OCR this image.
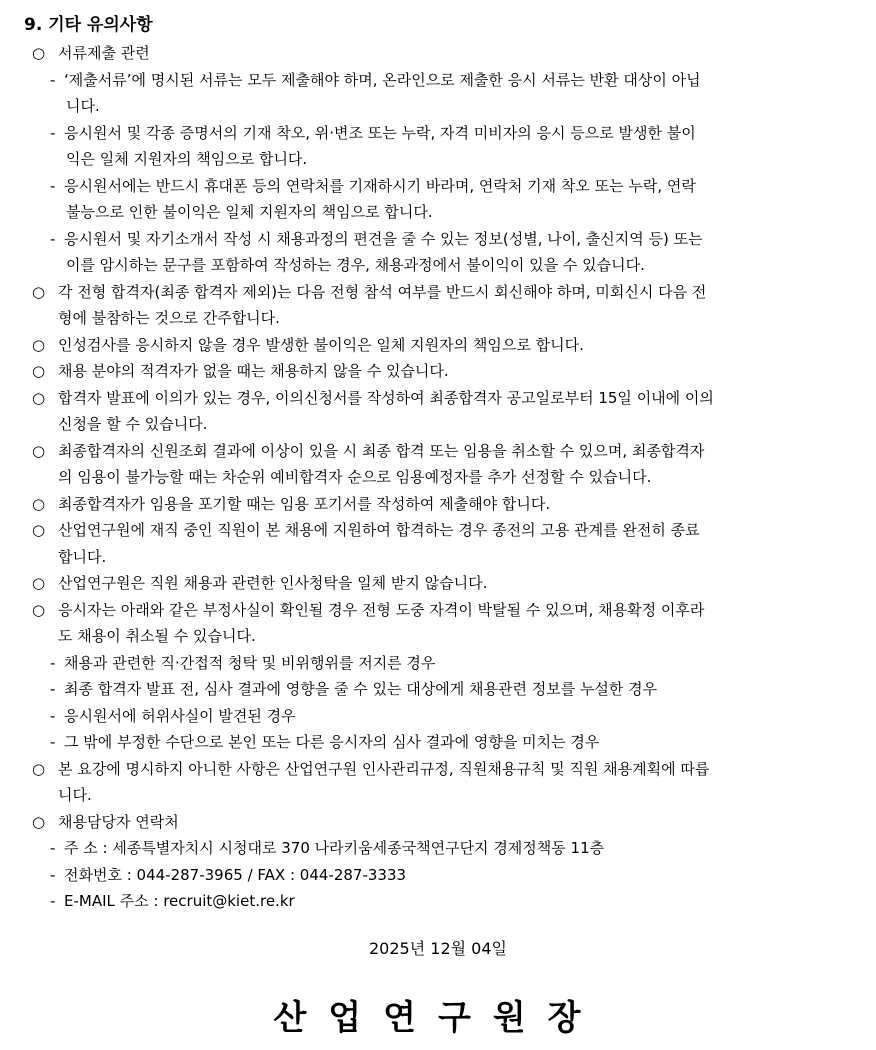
9. 기타 유의사항
○ 서류제출 관련
- ‘제출서류’에 명시된 서류는 모두 제출해야 하며, 온라인으로 제출한 응시 서류는 반환 대상이 아닙
니다.
- 응시원서 및 각종 증명서의 기재 착오, 위·변조 또는 누락, 자격 미비자의 응시 등으로 발생한 불이
익은 일체 지원자의 책임으로 합니다.
- 응시원서에는 반드시 휴대폰 등의 연락처를 기재하시기 바라며, 연락처 기재 착오 또는 누락, 연락
불능으로 인한 불이익은 일체 지원자의 책임으로 합니다.
- 응시원서 및 자기소개서 작성 시 채용과정의 편견을 줄 수 있는 정보(성별, 나이, 출신지역 등) 또는
이를 암시하는 문구를 포함하여 작성하는 경우, 채용과정에서 불이익이 있을 수 있습니다.
○ 각 전형 합격자(최종 합격자 제외)는 다음 전형 참석 여부를 반드시 회신해야 하며, 미회신시 다음 전
형에 불참하는 것으로 간주합니다.
○ 인성검사를 응시하지 않을 경우 발생한 불이익은 일체 지원자의 책임으로 합니다.
○ 채용 분야의 적격자가 없을 때는 채용하지 않을 수 있습니다.
○ 합격자 발표에 이의가 있는 경우, 이의신청서를 작성하여 최종합격자 공고일로부터 15일 이내에 이의
신청을 할 수 있습니다.
○ 최종합격자의 신원조회 결과에 이상이 있을 시 최종 합격 또는 임용을 취소할 수 있으며, 최종합격자
의 임용이 불가능할 때는 차순위 예비합격자 순으로 임용예정자를 추가 선정할 수 있습니다.
○ 최종합격자가 임용을 포기할 때는 임용 포기서를 작성하여 제출해야 합니다.
○ 산업연구원에 재직 중인 직원이 본 채용에 지원하여 합격하는 경우 종전의 고용 관계를 완전히 종료
합니다.
○ 산업연구원은 직원 채용과 관련한 인사청탁을 일체 받지 않습니다.
○ 응시자는 아래와 같은 부정사실이 확인될 경우 전형 도중 자격이 박탈될 수 있으며, 채용확정 이후라
도 채용이 취소될 수 있습니다.
- 채용과 관련한 직·간접적 청탁 및 비위행위를 저지른 경우
- 최종 합격자 발표 전, 심사 결과에 영향을 줄 수 있는 대상에게 채용관련 정보를 누설한 경우
- 응시원서에 허위사실이 발견된 경우
- 그 밖에 부정한 수단으로 본인 또는 다른 응시자의 심사 결과에 영향을 미치는 경우
○ 본 요강에 명시하지 아니한 사항은 산업연구원 인사관리규정, 직원채용규칙 및 직원 채용계획에 따릅
니다.
○ 채용담당자 연락처
- 주 소 : 세종특별자치시 시청대로 370 나라키움세종국책연구단지 경제정책동 11층
- 전화번호 : 044-287-3965 / FAX : 044-287-3333
- E-MAIL 주소 : recruit@kiet.re.kr
2025년 12월 04일
산업연구원장
